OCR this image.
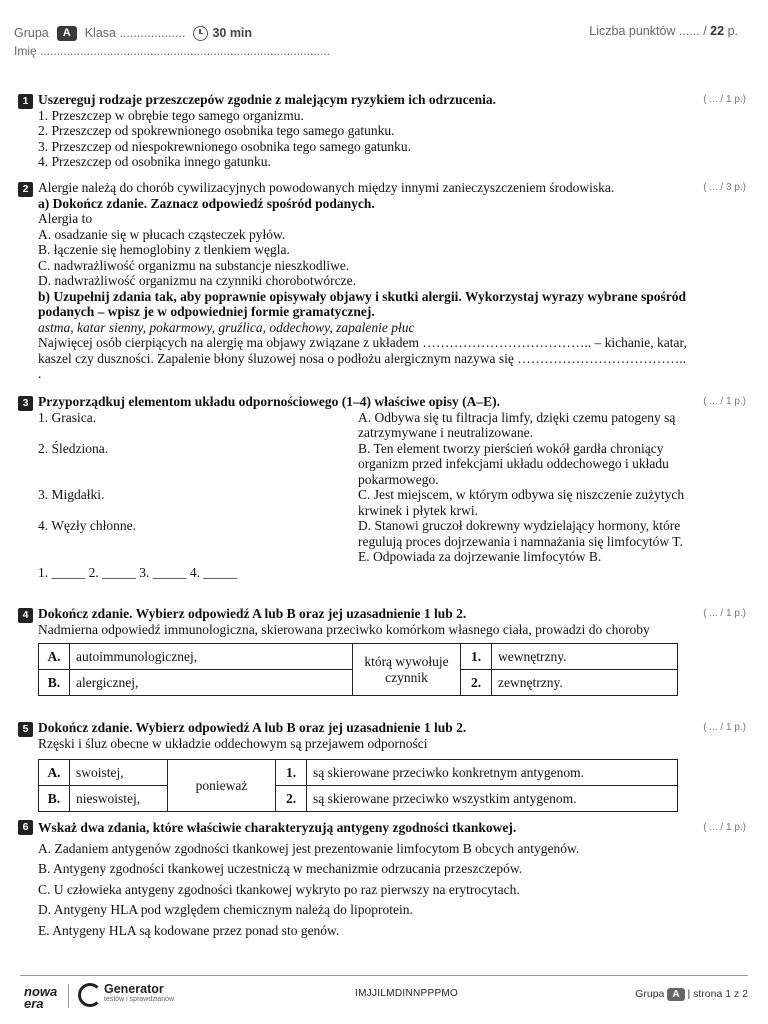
Grupa	A	Klasa ................... 30 min	Liczba punktów ...... / 22 p.
Imię .......................................................................................
1	( ... / 1 p.)
Uszereguj rodzaje przeszczepów zgodnie z malejącym ryzykiem ich odrzucenia.
1. Przeszczep w obrębie tego samego organizmu.
2. Przeszczep od spokrewnionego osobnika tego samego gatunku.
3. Przeszczep od niespokrewnionego osobnika tego samego gatunku.
4. Przeszczep od osobnika innego gatunku.
2	( ... / 3 p.)
Alergie należą do chorób cywilizacyjnych powodowanych między innymi zanieczyszczeniem środowiska.
a) Dokończ zdanie. Zaznacz odpowiedź spośród podanych.
Alergia to
A. osadzanie się w płucach cząsteczek pyłów.
B. łączenie się hemoglobiny z tlenkiem węgla.
C. nadwrażliwość organizmu na substancje nieszkodliwe.
D. nadwrażliwość organizmu na czynniki chorobotwórcze.
b) Uzupełnij zdania tak, aby poprawnie opisywały objawy i skutki alergii. Wykorzystaj wyrazy wybrane spośród podanych – wpisz je w odpowiedniej formie gramatycznej.
astma, katar sienny, pokarmowy, gruźlica, oddechowy, zapalenie płuc
Najwięcej osób cierpiących na alergię ma objawy związane z układem ……………………………….. – kichanie, katar, kaszel czy duszności. Zapalenie błony śluzowej nosa o podłożu alergicznym nazywa się ……………………………….. .
3	( ... / 1 p.)
Przyporządkuj elementom układu odpornościowego (1–4) właściwe opisy (A–E).
1. Grasica.	A. Odbywa się tu filtracja limfy, dzięki czemu patogeny są zatrzymywane i neutralizowane.
2. Śledziona.	B. Ten element tworzy pierścień wokół gardła chroniący organizm przed infekcjami układu oddechowego i układu pokarmowego.
3. Migdałki.	C. Jest miejscem, w którym odbywa się niszczenie zużytych krwinek i płytek krwi.
4. Węzły chłonne.	D. Stanowi gruczoł dokrewny wydzielający hormony, które regulują proces dojrzewania i namnażania się limfocytów T.
E. Odpowiada za dojrzewanie limfocytów B.
1. _____ 2. _____ 3. _____ 4. _____
4	( ... / 1 p.)
Dokończ zdanie. Wybierz odpowiedź A lub B oraz jej uzasadnienie 1 lub 2.
Nadmierna odpowiedź immunologiczna, skierowana przeciwko komórkom własnego ciała, prowadzi do choroby
A.	autoimmunologicznej,	którą wywołuje czynnik	1.	wewnętrzny.
B.	alergicznej,		2.	zewnętrzny.
5	( ... / 1 p.)
Dokończ zdanie. Wybierz odpowiedź A lub B oraz jej uzasadnienie 1 lub 2.
Rzęski i śluz obecne w układzie oddechowym są przejawem odporności
A.	swoistej,	ponieważ	1.	są skierowane przeciwko konkretnym antygenom.
B.	nieswoistej,		2.	są skierowane przeciwko wszystkim antygenom.
6	( ... / 1 p.)
Wskaż dwa zdania, które właściwie charakteryzują antygeny zgodności tkankowej.
A. Zadaniem antygenów zgodności tkankowej jest prezentowanie limfocytom B obcych antygenów.
B. Antygeny zgodności tkankowej uczestniczą w mechanizmie odrzucania przeszczepów.
C. U człowieka antygeny zgodności tkankowej wykryto po raz pierwszy na erytrocytach.
D. Antygeny HLA pod względem chemicznym należą do lipoprotein.
E. Antygeny HLA są kodowane przez ponad sto genów.
nowa
era
Generator
testów i sprawdzianów
IMJJILMDINNPPPMO	Grupa A | strona 1 z 2
